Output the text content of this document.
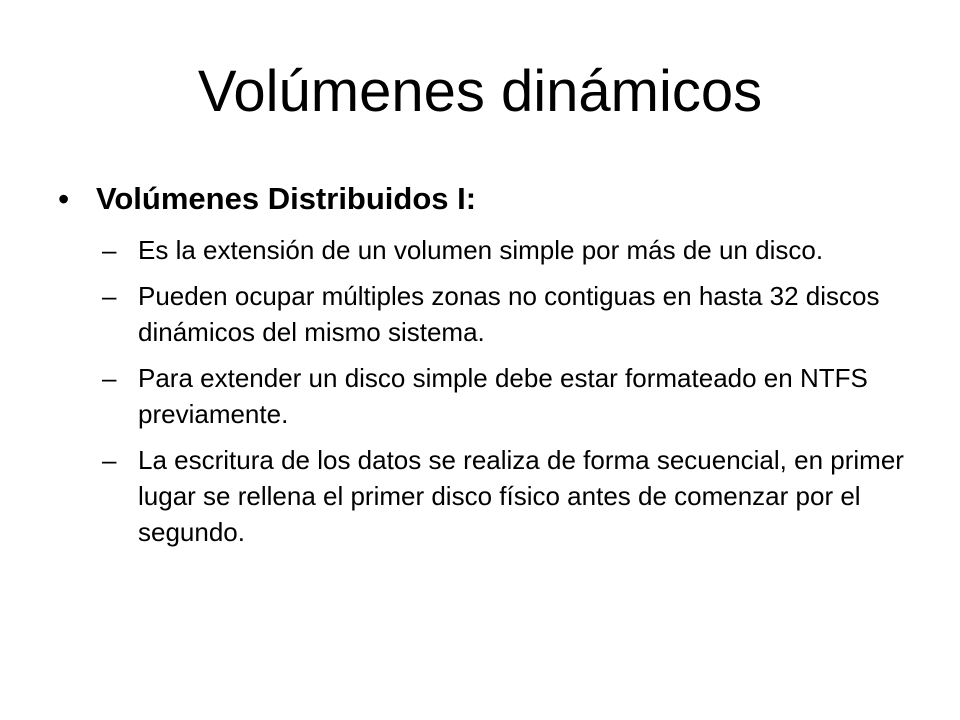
Volúmenes dinámicos
• Volúmenes Distribuidos I:
– Es la extensión de un volumen simple por más de un disco.
– Pueden ocupar múltiples zonas no contiguas en hasta 32 discos dinámicos del mismo sistema.
– Para extender un disco simple debe estar formateado en NTFS previamente.
– La escritura de los datos se realiza de forma secuencial, en primer lugar se rellena el primer disco físico antes de comenzar por el segundo.
